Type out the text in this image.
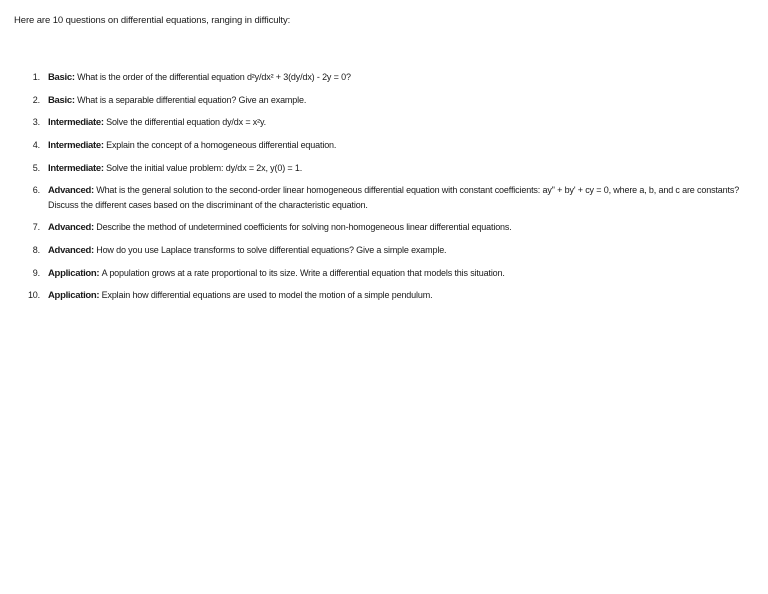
Here are 10 questions on differential equations, ranging in difficulty:
1. Basic: What is the order of the differential equation d²y/dx² + 3(dy/dx) - 2y = 0?
2. Basic: What is a separable differential equation? Give an example.
3. Intermediate: Solve the differential equation dy/dx = x²y.
4. Intermediate: Explain the concept of a homogeneous differential equation.
5. Intermediate: Solve the initial value problem: dy/dx = 2x, y(0) = 1.
6. Advanced: What is the general solution to the second-order linear homogeneous differential equation with constant coefficients: ay'' + by' + cy = 0, where a, b, and c are constants? Discuss the different cases based on the discriminant of the characteristic equation.
7. Advanced: Describe the method of undetermined coefficients for solving non-homogeneous linear differential equations.
8. Advanced: How do you use Laplace transforms to solve differential equations? Give a simple example.
9. Application: A population grows at a rate proportional to its size. Write a differential equation that models this situation.
10. Application: Explain how differential equations are used to model the motion of a simple pendulum.
